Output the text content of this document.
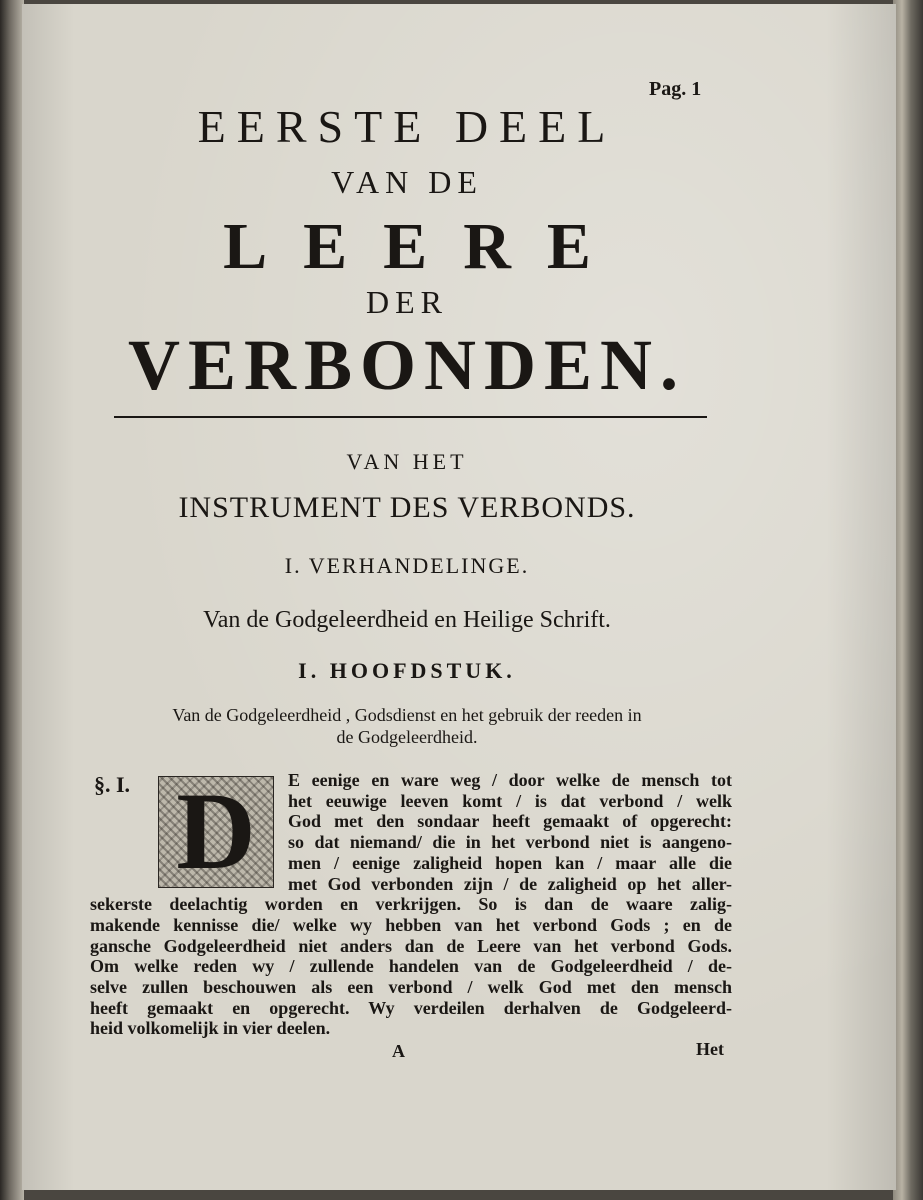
Pag. 1
EERSTE DEEL
VAN DE
LEERE
DER
VERBONDEN.
VAN HET
INSTRUMENT DES VERBONDS.
I. VERHANDELINGE.
Van de Godgeleerdheid en Heilige Schrift.
I. HOOFDSTUK.
Van de Godgeleerdheid , Godsdienst en het gebruik der reeden in de Godgeleerdheid.
§. I. D	E eenige en ware weg / door welke de mensch tot
het eeuwige leeven komt / is dat verbond / welk
God met den sondaar heeft gemaakt of opgerecht:
so dat niemand/ die in het verbond niet is aangeno-
men / eenige zaligheid hopen kan / maar alle die
met God verbonden zijn / de zaligheid op het aller-
sekerste deelachtig worden en verkrijgen. So is dan de waare zalig-
makende kennisse die/ welke wy hebben van het verbond Gods ; en de
gansche Godgeleerdheid niet anders dan de Leere van het verbond Gods.
Om welke reden wy / zullende handelen van de Godgeleerdheid / de-
selve zullen beschouwen als een verbond / welk God met den mensch
heeft gemaakt en opgerecht. Wy verdeilen derhalven de Godgeleerd-
heid volkomelijk in vier deelen.
A	Het
